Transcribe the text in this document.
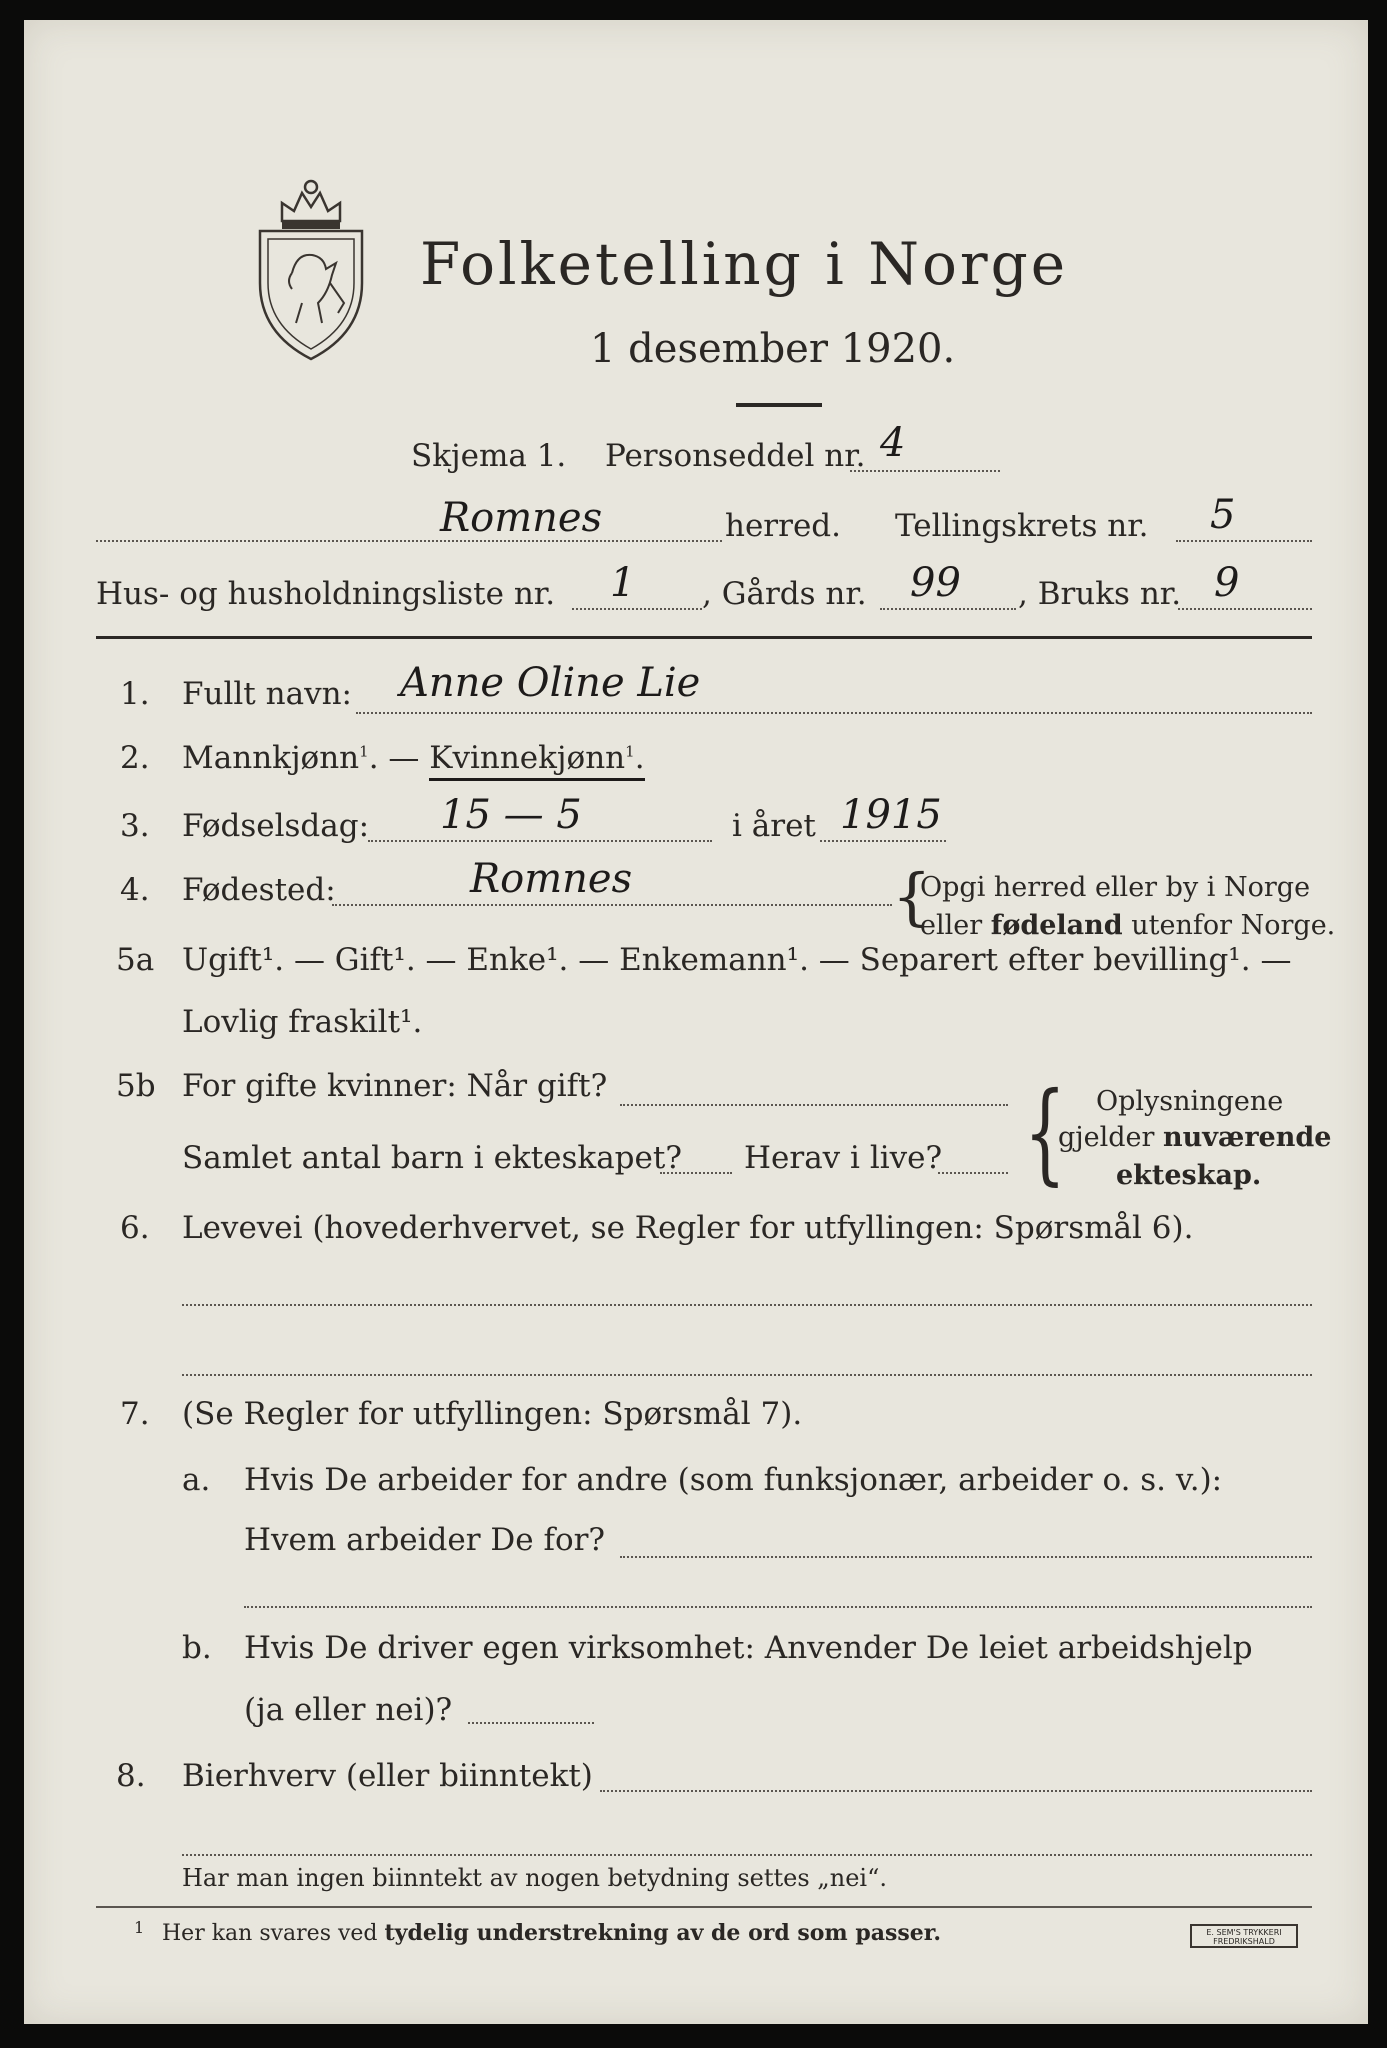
Folketelling i Norge
1 desember 1920.
Skjema 1. Personseddel nr. 4
Romnes	herred. Tellingskrets nr. 5
Hus- og husholdningsliste nr. 1 , Gårds nr. 99 , Bruks nr. 9
1. Fullt navn: Anne Oline Lie
2. Mannkjønn$^1$. — Kvinnekjønn$^1$.
3. Fødselsdag: 15 — 5	i året 1915
4. Fødested:	Romnes	{
Opgi herred eller by i Norge
eller fødeland utenfor Norge.
5a Ugift¹. — Gift¹. — Enke¹. — Enkemann¹. — Separert efter bevilling¹. —
Lovlig fraskilt¹.
5b For gifte kvinner: Når gift?
Samlet antal barn i ekteskapet? Herav i live? { Oplysningene
gjelder nuværende
ekteskap.
6. Levevei (hovederhvervet, se Regler for utfyllingen: Spørsmål 6).
7. (Se Regler for utfyllingen: Spørsmål 7).
a. Hvis De arbeider for andre (som funksjonær, arbeider o. s. v.):
Hvem arbeider De for?
b. Hvis De driver egen virksomhet: Anvender De leiet arbeidshjelp
(ja eller nei)?
8. Bierhverv (eller biinntekt)
Har man ingen biinntekt av nogen betydning settes „nei“.
1 Her kan svares ved tydelig understrekning av de ord som passer.	E. SEM'S TRYKKERI
FREDRIKSHALD
